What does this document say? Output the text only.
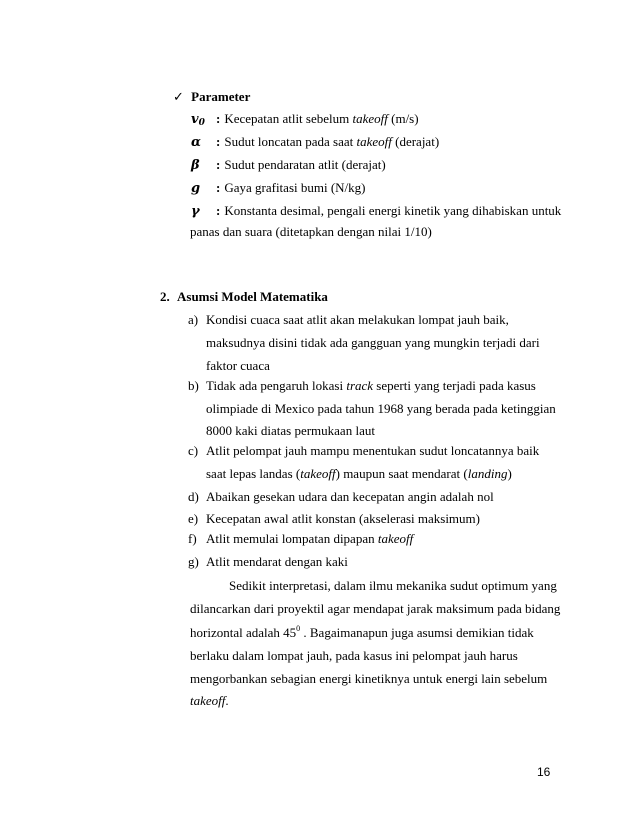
✓ Parameter
$v_0$ : Kecepatan atlit sebelum takeoff (m/s)
α : Sudut loncatan pada saat takeoff (derajat)
β : Sudut pendaratan atlit (derajat)
g : Gaya grafitasi bumi (N/kg)
γ : Konstanta desimal, pengali energi kinetik yang dihabiskan untuk
panas dan suara (ditetapkan dengan nilai 1/10)
2. Asumsi Model Matematika
a) Kondisi cuaca saat atlit akan melakukan lompat jauh baik,
maksudnya disini tidak ada gangguan yang mungkin terjadi dari
faktor cuaca
b) Tidak ada pengaruh lokasi track seperti yang terjadi pada kasus
olimpiade di Mexico pada tahun 1968 yang berada pada ketinggian
8000 kaki diatas permukaan laut
c) Atlit pelompat jauh mampu menentukan sudut loncatannya baik
saat lepas landas (takeoff) maupun saat mendarat (landing)
d) Abaikan gesekan udara dan kecepatan angin adalah nol
e) Kecepatan awal atlit konstan (akselerasi maksimum)
f) Atlit memulai lompatan dipapan takeoff
g) Atlit mendarat dengan kaki
Sedikit interpretasi, dalam ilmu mekanika sudut optimum yang
dilancarkan dari proyektil agar mendapat jarak maksimum pada bidang
horizontal adalah $45^0$ . Bagaimanapun juga asumsi demikian tidak
berlaku dalam lompat jauh, pada kasus ini pelompat jauh harus
mengorbankan sebagian energi kinetiknya untuk energi lain sebelum
takeoff.
16
